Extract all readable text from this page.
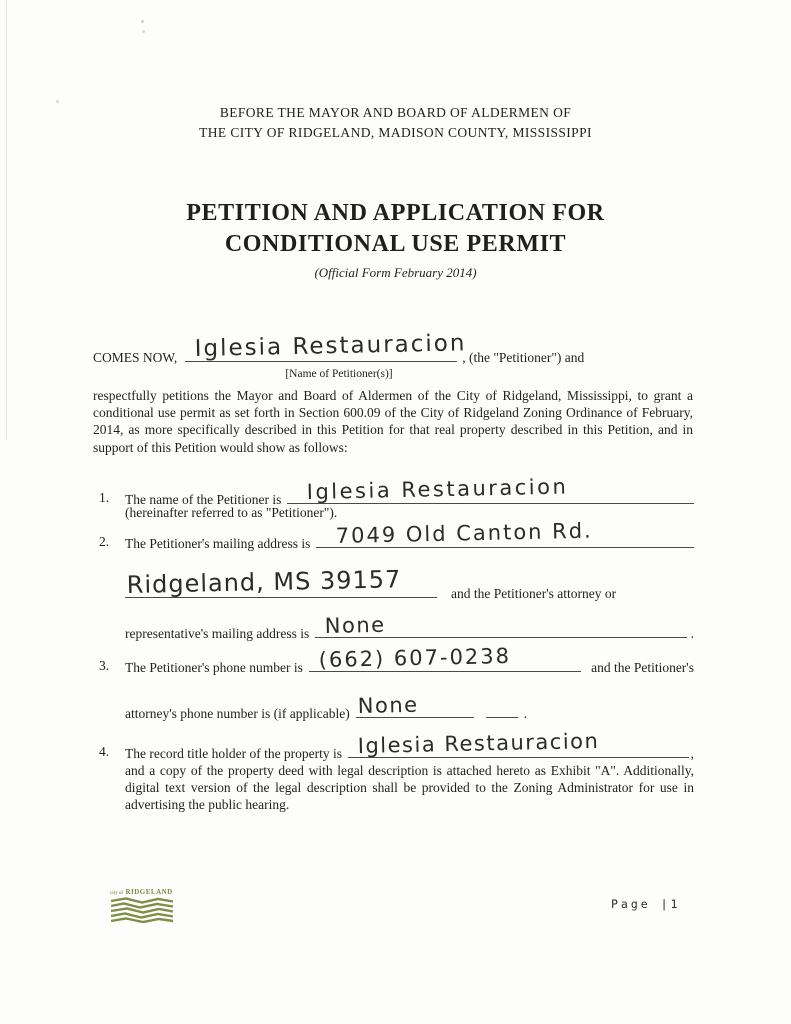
BEFORE THE MAYOR AND BOARD OF ALDERMEN OF
THE CITY OF RIDGELAND, MADISON COUNTY, MISSISSIPPI
PETITION AND APPLICATION FOR
CONDITIONAL USE PERMIT
(Official Form February 2014)
COMES NOW, Iglesia Restauracion
, (the "Petitioner") and
[Name of Petitioner(s)]

respectfully petitions the Mayor and Board of Aldermen of the City of Ridgeland, Mississippi, to grant a conditional use permit as set forth in Section 600.09 of the City of Ridgeland Zoning Ordinance of February, 2014, as more specifically described in this Petition for that real property described in this Petition, and in support of this Petition would show as follows:

1. The name of the Petitioner is Iglesia Restauracion
(hereinafter referred to as "Petitioner").
2. The Petitioner's mailing address is 7049 Old Canton Rd.
Ridgeland, MS 39157	and the Petitioner's attorney or
representative's mailing address is None	.
3. The Petitioner's phone number is (662) 607-0238	and the Petitioner's
attorney's phone number is (if applicable) None	.
4. The record title holder of the property is Iglesia Restauracion	,

and a copy of the property deed with legal description is attached hereto as Exhibit "A". Additionally, digital text version of the legal description shall be provided to the Zoning Administrator for use in advertising the public hearing.

city of RIDGELAND
Page |1
